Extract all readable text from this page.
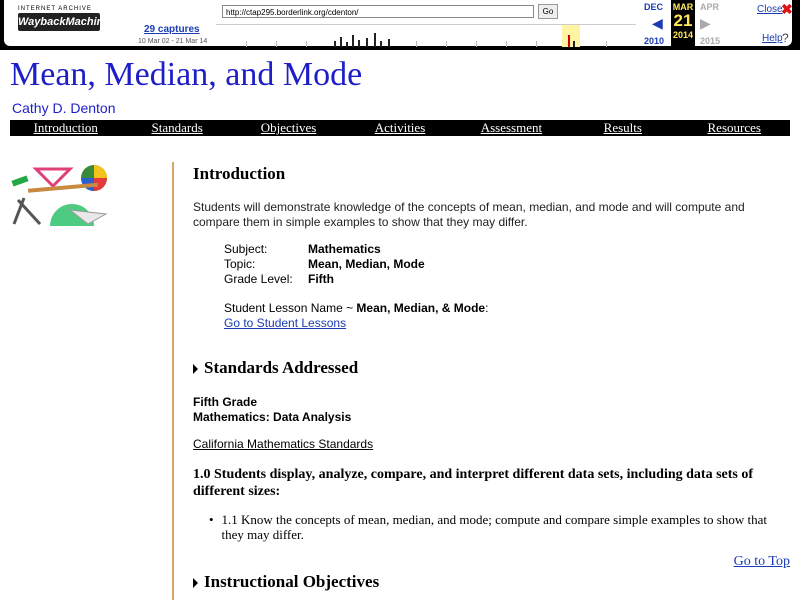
INTERNET ARCHIVE
WaybackMachine
http://ctap295.borderlink.org/cdenton/	Go
29 captures
10 Mar 02 - 21 Mar 14
DEC
◀
2010
MAR
21
2014
APR
▶
2015
Close
✖
Help ?
Mean, Median, and Mode
Cathy D. Denton
Introduction	Standards	Objectives	Activities	Assessment	Results	Resources
Introduction
Students will demonstrate knowledge of the concepts of mean, median, and mode and will compute and compare them in simple examples to show that they may differ.
Subject:	Mathematics
Topic:	Mean, Median, Mode
Grade Level: Fifth
Student Lesson Name ~ Mean, Median, & Mode:
Go to Student Lessons
Standards Addressed
Fifth Grade
Mathematics: Data Analysis
California Mathematics Standards
1.0 Students display, analyze, compare, and interpret different data sets, including data sets of different sizes:
• 1.1 Know the concepts of mean, median, and mode; compute and compare simple examples to show that they may differ.
Go to Top
Instructional Objectives
